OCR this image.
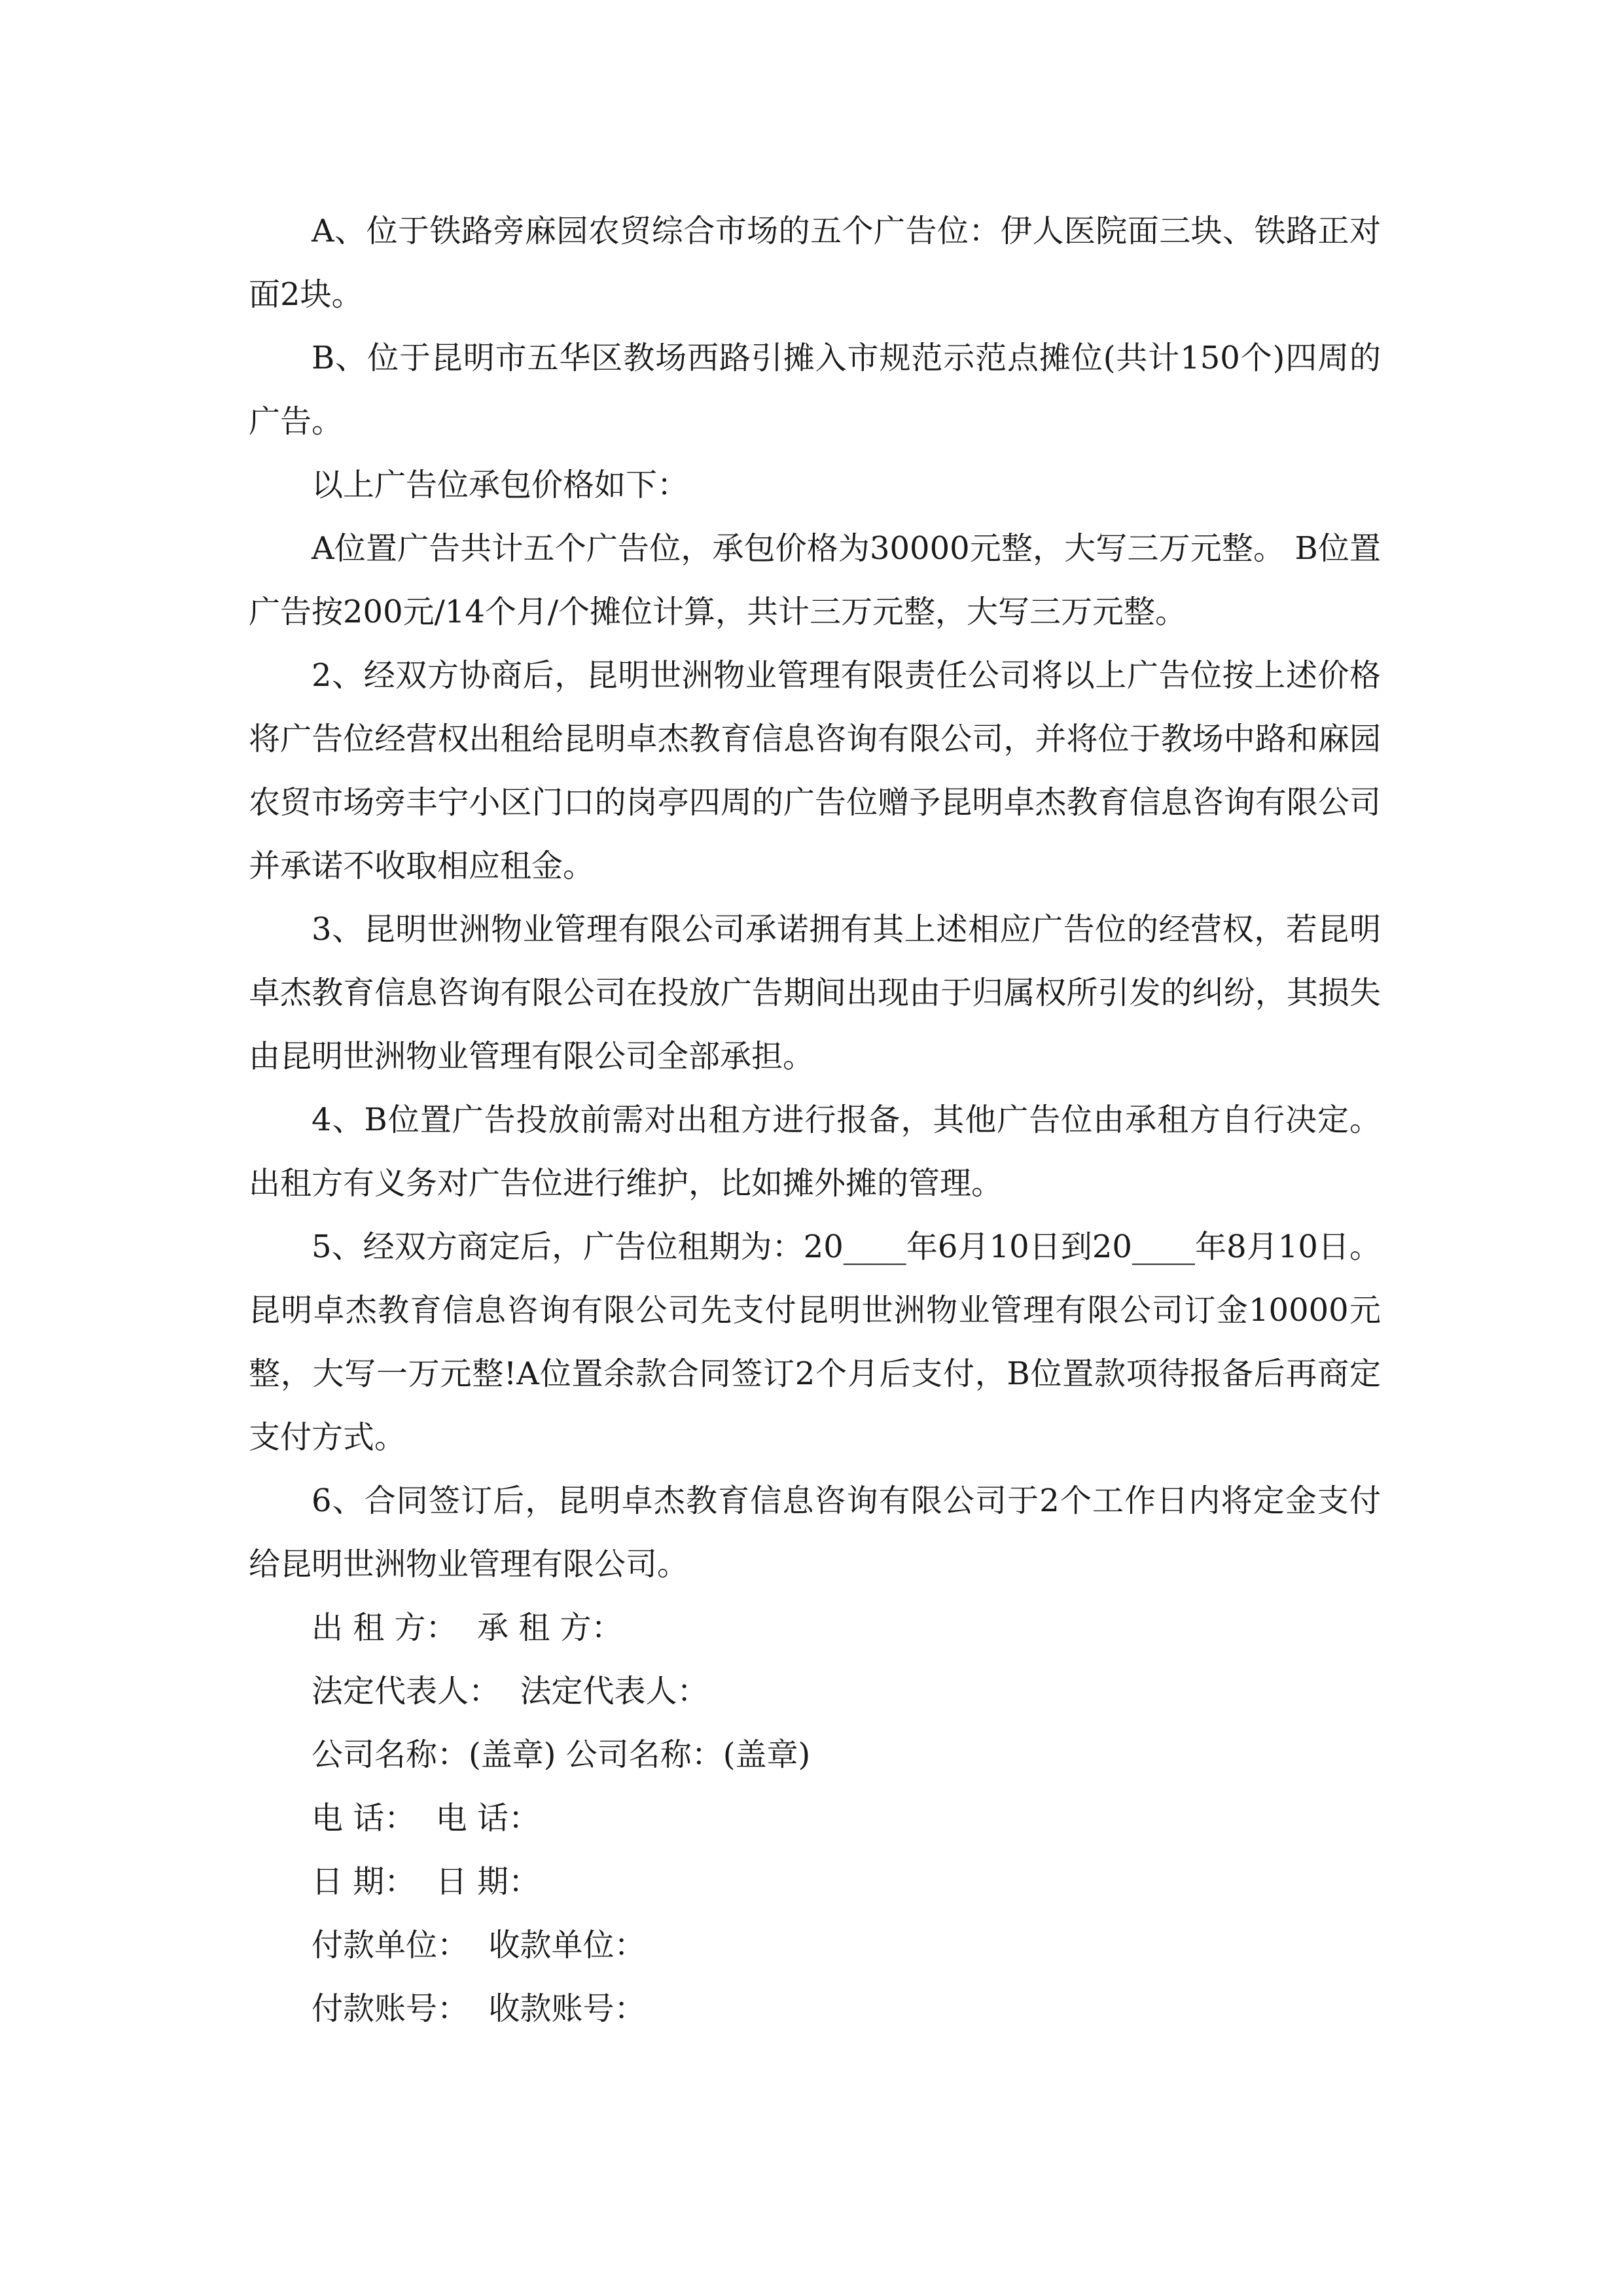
A、位于铁路旁麻园农贸综合市场的五个广告位：伊人医院面三块、铁路正对面2块。

B、位于昆明市五华区教场西路引摊入市规范示范点摊位(共计150个)四周的广告。

以上广告位承包价格如下：

A位置广告共计五个广告位，承包价格为30000元整，大写三万元整。 B位置广告按200元/14个月/个摊位计算，共计三万元整，大写三万元整。

2、经双方协商后，昆明世洲物业管理有限责任公司将以上广告位按上述价格将广告位经营权出租给昆明卓杰教育信息咨询有限公司，并将位于教场中路和麻园农贸市场旁丰宁小区门口的岗亭四周的广告位赠予昆明卓杰教育信息咨询有限公司并承诺不收取相应租金。

3、昆明世洲物业管理有限公司承诺拥有其上述相应广告位的经营权，若昆明卓杰教育信息咨询有限公司在投放广告期间出现由于归属权所引发的纠纷，其损失由昆明世洲物业管理有限公司全部承担。

4、B位置广告投放前需对出租方进行报备，其他广告位由承租方自行决定。出租方有义务对广告位进行维护，比如摊外摊的管理。

5、经双方商定后，广告位租期为：20____年6月10日到20____年8月10日。昆明卓杰教育信息咨询有限公司先支付昆明世洲物业管理有限公司订金10000元整，大写一万元整!A位置余款合同签订2个月后支付，B位置款项待报备后再商定支付方式。

6、合同签订后，昆明卓杰教育信息咨询有限公司于2个工作日内将定金支付给昆明世洲物业管理有限公司。

出 租 方：  承 租 方：

法定代表人：  法定代表人：

公司名称：(盖章) 公司名称：(盖章)

电 话：  电 话：

日 期：  日 期：

付款单位：  收款单位：

付款账号：  收款账号：
